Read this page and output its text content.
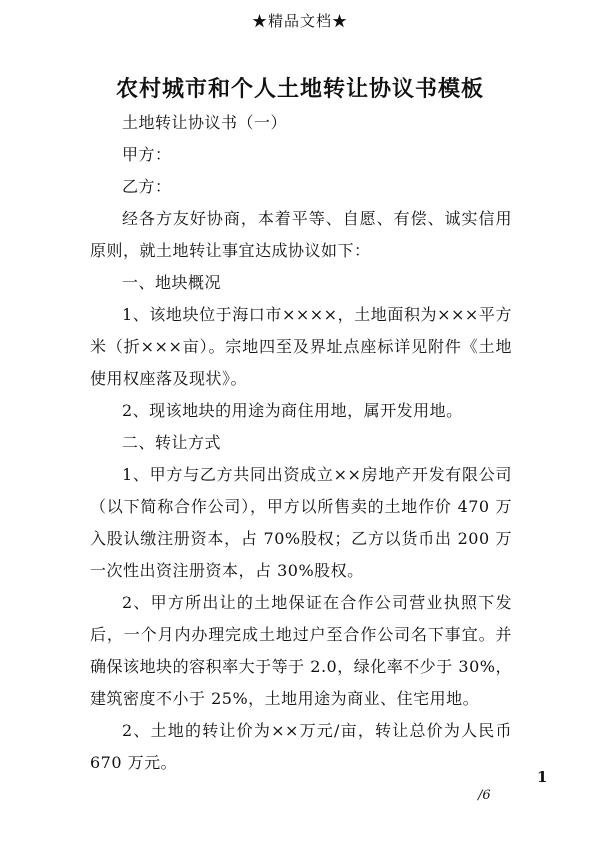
★精品文档★
农村城市和个人土地转让协议书模板

土地转让协议书（一）

甲方：

乙方：

经各方友好协商，本着平等、自愿、有偿、诚实信用原则，就土地转让事宜达成协议如下：

一、地块概况

1、该地块位于海口市××××，土地面积为×××平方米（折×××亩）。宗地四至及界址点座标详见附件《土地使用权座落及现状》。

2、现该地块的用途为商住用地，属开发用地。

二、转让方式

1、甲方与乙方共同出资成立××房地产开发有限公司（以下简称合作公司），甲方以所售卖的土地作价 470 万入股认缴注册资本，占 70%股权；乙方以货币出 200 万一次性出资注册资本，占 30%股权。

2、甲方所出让的土地保证在合作公司营业执照下发后，一个月内办理完成土地过户至合作公司名下事宜。并确保该地块的容积率大于等于 2.0，绿化率不少于 30%，建筑密度不小于 25%，土地用途为商业、住宅用地。

2、土地的转让价为××万元/亩，转让总价为人民币 670 万元。

1
/6
